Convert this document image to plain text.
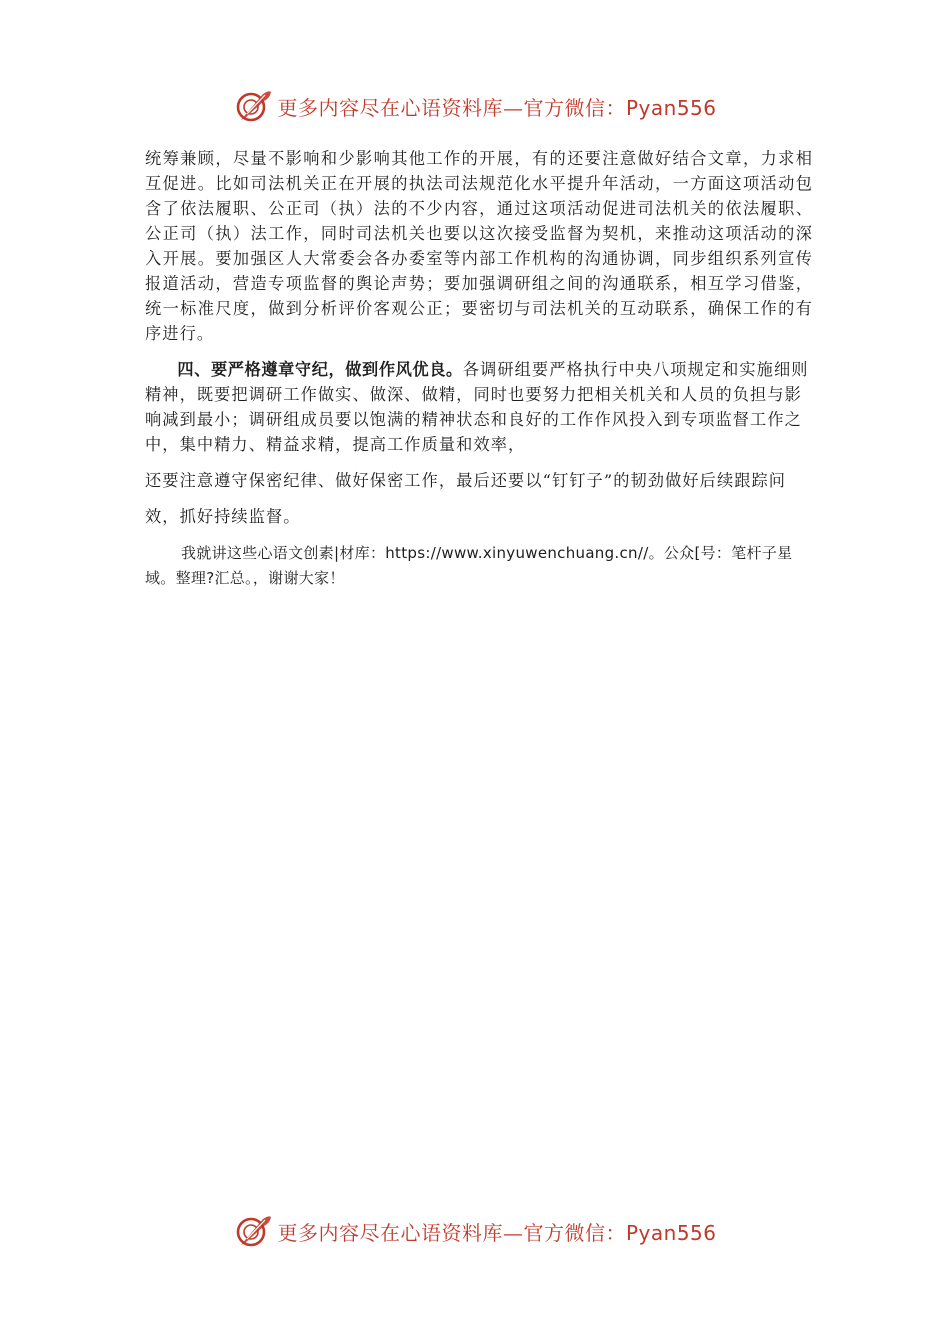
更多内容尽在心语资料库—官方微信：Pyan556

统筹兼顾，尽量不影响和少影响其他工作的开展，有的还要注意做好结合文章，力求相互促进。比如司法机关正在开展的执法司法规范化水平提升年活动，一方面这项活动包含了依法履职、公正司（执）法的不少内容，通过这项活动促进司法机关的依法履职、公正司（执）法工作，同时司法机关也要以这次接受监督为契机，来推动这项活动的深入开展。要加强区人大常委会各办委室等内部工作机构的沟通协调，同步组织系列宣传报道活动，营造专项监督的舆论声势；要加强调研组之间的沟通联系，相互学习借鉴，统一标准尺度，做到分析评价客观公正；要密切与司法机关的互动联系，确保工作的有序进行。

四、要严格遵章守纪，做到作风优良。各调研组要严格执行中央八项规定和实施细则精神，既要把调研工作做实、做深、做精，同时也要努力把相关机关和人员的负担与影响减到最小；调研组成员要以饱满的精神状态和良好的工作作风投入到专项监督工作之中，集中精力、精益求精，提高工作质量和效率，
还要注意遵守保密纪律、做好保密工作，最后还要以“钉钉子”的韧劲做好后续跟踪问效，抓好持续监督。

我就讲这些心语文创素|材库：https://www.xinyuwenchuang.cn//。公众[号：笔杆子星域。整理?汇总。，谢谢大家！

更多内容尽在心语资料库—官方微信：Pyan556
